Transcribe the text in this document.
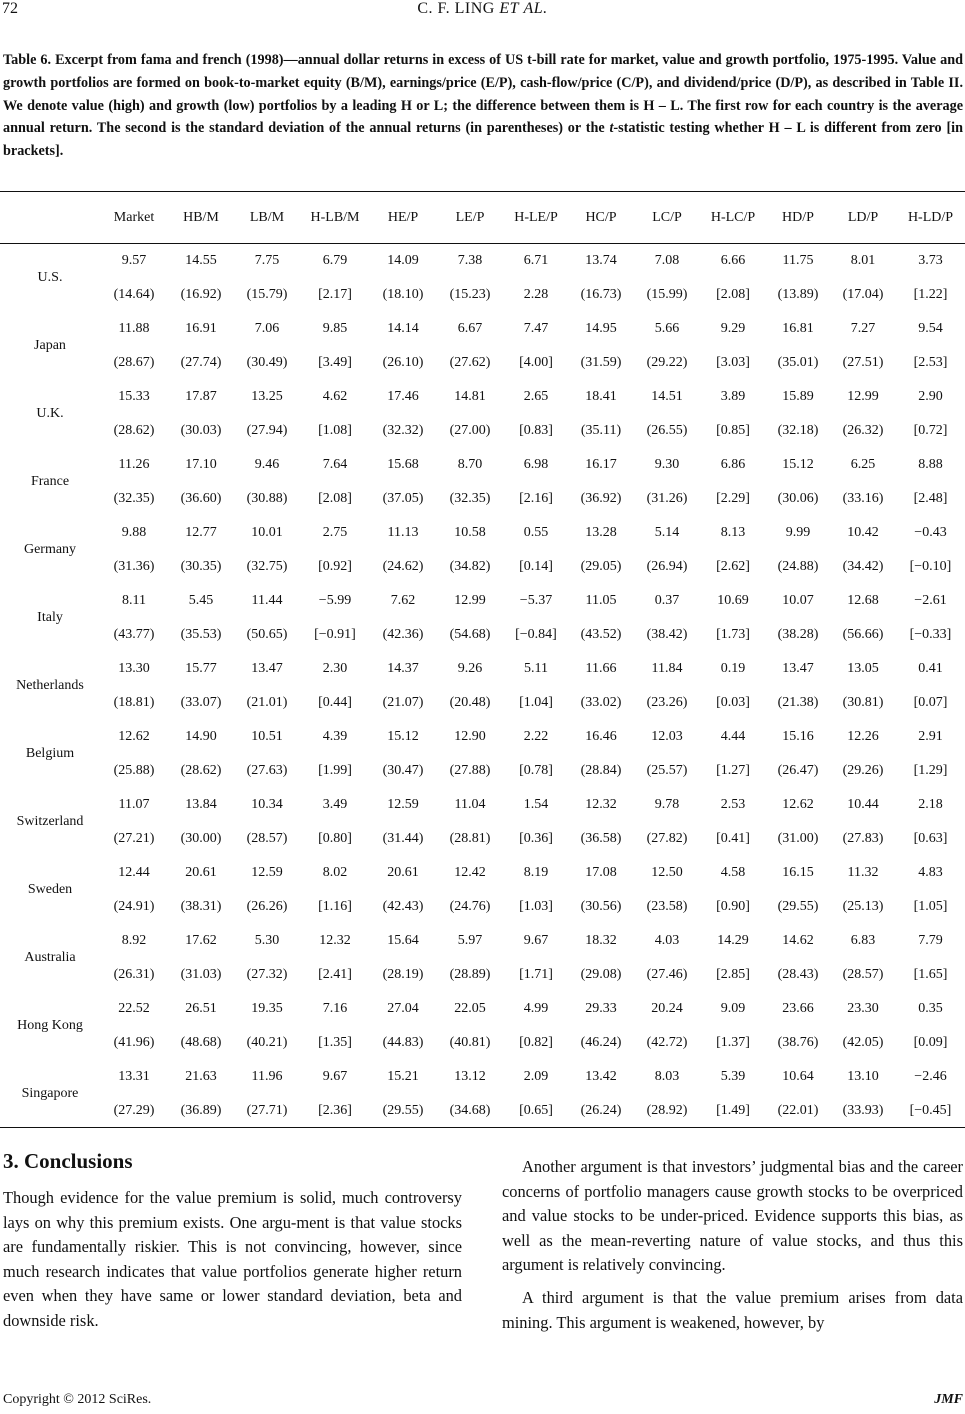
72	C. F. LING ET AL.
Table 6. Excerpt from fama and french (1998)—annual dollar returns in excess of US t-bill rate for market, value and growth portfolio, 1975-1995. Value and growth portfolios are formed on book-to-market equity (B/M), earnings/price (E/P), cash-flow/price (C/P), and dividend/price (D/P), as described in Table II. We denote value (high) and growth (low) portfolios by a leading H or L; the difference between them is H – L. The first row for each country is the average annual return. The second is the standard deviation of the annual returns (in parentheses) or the t-statistic testing whether H – L is different from zero [in brackets].
	Market	HB/M	LB/M	H-LB/M	HE/P	LE/P	H-LE/P	HC/P	LC/P	H-LC/P	HD/P	LD/P	H-LD/P
U.S.	9.57	14.55	7.75	6.79	14.09	7.38	6.71	13.74	7.08	6.66	11.75	8.01	3.73
	(14.64)	(16.92)	(15.79)	[2.17]	(18.10)	(15.23)	2.28	(16.73)	(15.99)	[2.08]	(13.89)	(17.04)	[1.22]
Japan	11.88	16.91	7.06	9.85	14.14	6.67	7.47	14.95	5.66	9.29	16.81	7.27	9.54
	(28.67)	(27.74)	(30.49)	[3.49]	(26.10)	(27.62)	[4.00]	(31.59)	(29.22)	[3.03]	(35.01)	(27.51)	[2.53]
U.K.	15.33	17.87	13.25	4.62	17.46	14.81	2.65	18.41	14.51	3.89	15.89	12.99	2.90
	(28.62)	(30.03)	(27.94)	[1.08]	(32.32)	(27.00)	[0.83]	(35.11)	(26.55)	[0.85]	(32.18)	(26.32)	[0.72]
France	11.26	17.10	9.46	7.64	15.68	8.70	6.98	16.17	9.30	6.86	15.12	6.25	8.88
	(32.35)	(36.60)	(30.88)	[2.08]	(37.05)	(32.35)	[2.16]	(36.92)	(31.26)	[2.29]	(30.06)	(33.16)	[2.48]
Germany	9.88	12.77	10.01	2.75	11.13	10.58	0.55	13.28	5.14	8.13	9.99	10.42	−0.43
	(31.36)	(30.35)	(32.75)	[0.92]	(24.62)	(34.82)	[0.14]	(29.05)	(26.94)	[2.62]	(24.88)	(34.42)	[−0.10]
Italy	8.11	5.45	11.44	−5.99	7.62	12.99	−5.37	11.05	0.37	10.69	10.07	12.68	−2.61
	(43.77)	(35.53)	(50.65)	[−0.91]	(42.36)	(54.68)	[−0.84]	(43.52)	(38.42)	[1.73]	(38.28)	(56.66)	[−0.33]
Netherlands	13.30	15.77	13.47	2.30	14.37	9.26	5.11	11.66	11.84	0.19	13.47	13.05	0.41
	(18.81)	(33.07)	(21.01)	[0.44]	(21.07)	(20.48)	[1.04]	(33.02)	(23.26)	[0.03]	(21.38)	(30.81)	[0.07]
Belgium	12.62	14.90	10.51	4.39	15.12	12.90	2.22	16.46	12.03	4.44	15.16	12.26	2.91
	(25.88)	(28.62)	(27.63)	[1.99]	(30.47)	(27.88)	[0.78]	(28.84)	(25.57)	[1.27]	(26.47)	(29.26)	[1.29]
Switzerland	11.07	13.84	10.34	3.49	12.59	11.04	1.54	12.32	9.78	2.53	12.62	10.44	2.18
	(27.21)	(30.00)	(28.57)	[0.80]	(31.44)	(28.81)	[0.36]	(36.58)	(27.82)	[0.41]	(31.00)	(27.83)	[0.63]
Sweden	12.44	20.61	12.59	8.02	20.61	12.42	8.19	17.08	12.50	4.58	16.15	11.32	4.83
	(24.91)	(38.31)	(26.26)	[1.16]	(42.43)	(24.76)	[1.03]	(30.56)	(23.58)	[0.90]	(29.55)	(25.13)	[1.05]
Australia	8.92	17.62	5.30	12.32	15.64	5.97	9.67	18.32	4.03	14.29	14.62	6.83	7.79
	(26.31)	(31.03)	(27.32)	[2.41]	(28.19)	(28.89)	[1.71]	(29.08)	(27.46)	[2.85]	(28.43)	(28.57)	[1.65]
Hong Kong	22.52	26.51	19.35	7.16	27.04	22.05	4.99	29.33	20.24	9.09	23.66	23.30	0.35
	(41.96)	(48.68)	(40.21)	[1.35]	(44.83)	(40.81)	[0.82]	(46.24)	(42.72)	[1.37]	(38.76)	(42.05)	[0.09]
Singapore	13.31	21.63	11.96	9.67	15.21	13.12	2.09	13.42	8.03	5.39	10.64	13.10	−2.46
	(27.29)	(36.89)	(27.71)	[2.36]	(29.55)	(34.68)	[0.65]	(26.24)	(28.92)	[1.49]	(22.01)	(33.93)	[−0.45]
3. Conclusions
Though evidence for the value premium is solid, much controversy lays on why this premium exists. One argu-ment is that value stocks are fundamentally riskier. This is not convincing, however, since much research indicates that value portfolios generate higher return even when they have same or lower standard deviation, beta and downside risk.

Another argument is that investors’ judgmental bias and the career concerns of portfolio managers cause growth stocks to be overpriced and value stocks to be under-priced. Evidence supports this bias, as well as the mean-reverting nature of value stocks, and thus this argument is relatively convincing.

A third argument is that the value premium arises from data mining. This argument is weakened, however, by

Copyright © 2012 SciRes.	JMF
